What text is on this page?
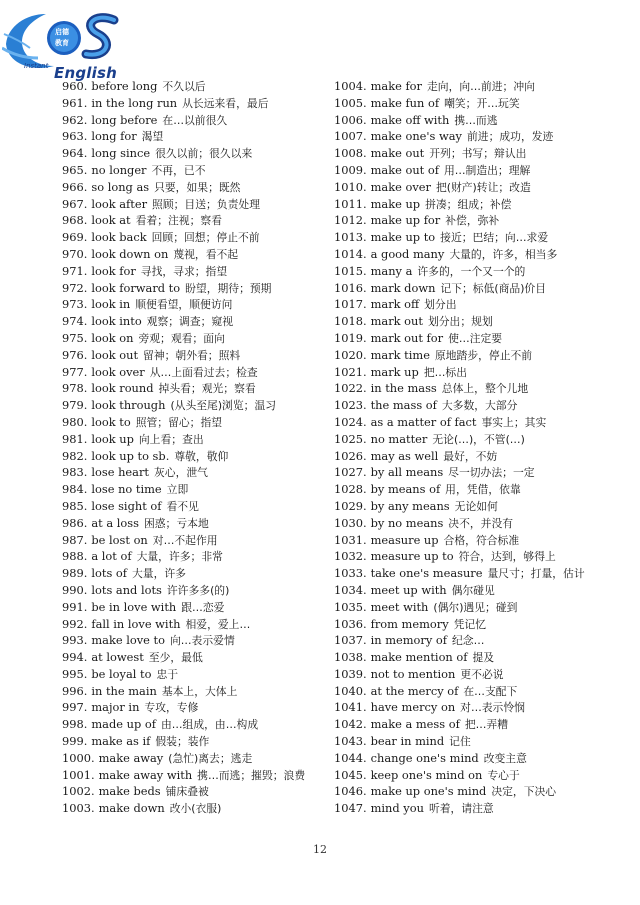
启德
教育
Instant English
960. before long 不久以后
961. in the long run 从长远来看，最后
962. long before 在…以前很久
963. long for 渴望
964. long since 很久以前；很久以来
965. no longer 不再，已不
966. so long as 只要，如果；既然
967. look after 照顾；目送；负责处理
968. look at 看着；注视；察看
969. look back 回顾；回想；停止不前
970. look down on 蔑视，看不起
971. look for 寻找，寻求；指望
972. look forward to 盼望，期待；预期
973. look in 顺便看望，顺便访问
974. look into 观察；调查；窥视
975. look on 旁观；观看；面向
976. look out 留神；朝外看；照料
977. look over 从…上面看过去；检查
978. look round 掉头看；观光；察看
979. look through (从头至尾)浏览；温习
980. look to 照管；留心；指望
981. look up 向上看；查出
982. look up to sb. 尊敬，敬仰
983. lose heart 灰心，泄气
984. lose no time 立即
985. lose sight of 看不见
986. at a loss 困惑；亏本地
987. be lost on 对…不起作用
988. a lot of 大量，许多；非常
989. lots of 大量，许多
990. lots and lots 许许多多(的)
991. be in love with 跟…恋爱
992. fall in love with 相爱，爱上…
993. make love to 向…表示爱情
994. at lowest 至少，最低
995. be loyal to 忠于
996. in the main 基本上，大体上
997. major in 专攻，专修
998. made up of 由…组成，由…构成
999. make as if 假装；装作
1000. make away (急忙)离去；逃走
1001. make away with 携…而逃；摧毁；浪费
1002. make beds 铺床叠被
1003. make down 改小(衣服)
1004. make for 走向，向…前进；冲向
1005. make fun of 嘲笑；开…玩笑
1006. make off with 携…而逃
1007. make one's way 前进；成功，发迹
1008. make out 开列；书写；辩认出
1009. make out of 用…制造出；理解
1010. make over 把(财产)转让；改造
1011. make up 拼凑；组成；补偿
1012. make up for 补偿，弥补
1013. make up to 接近；巴结；向…求爱
1014. a good many 大量的，许多，相当多
1015. many a 许多的，一个又一个的
1016. mark down 记下；标低(商品)价目
1017. mark off 划分出
1018. mark out 划分出；规划
1019. mark out for 使…注定要
1020. mark time 原地踏步，停止不前
1021. mark up 把…标出
1022. in the mass 总体上，整个儿地
1023. the mass of 大多数，大部分
1024. as a matter of fact 事实上；其实
1025. no matter 无论(…)，不管(…)
1026. may as well 最好，不妨
1027. by all means 尽一切办法；一定
1028. by means of 用，凭借，依靠
1029. by any means 无论如何
1030. by no means 决不，并没有
1031. measure up 合格，符合标准
1032. measure up to 符合，达到，够得上
1033. take one's measure 量尺寸；打量，估计
1034. meet up with 偶尔碰见
1035. meet with (偶尔)遇见；碰到
1036. from memory 凭记忆
1037. in memory of 纪念…
1038. make mention of 提及
1039. not to mention 更不必说
1040. at the mercy of 在…支配下
1041. have mercy on 对…表示怜悯
1042. make a mess of 把…弄糟
1043. bear in mind 记住
1044. change one's mind 改变主意
1045. keep one's mind on 专心于
1046. make up one's mind 决定，下决心
1047. mind you 听着，请注意
12
